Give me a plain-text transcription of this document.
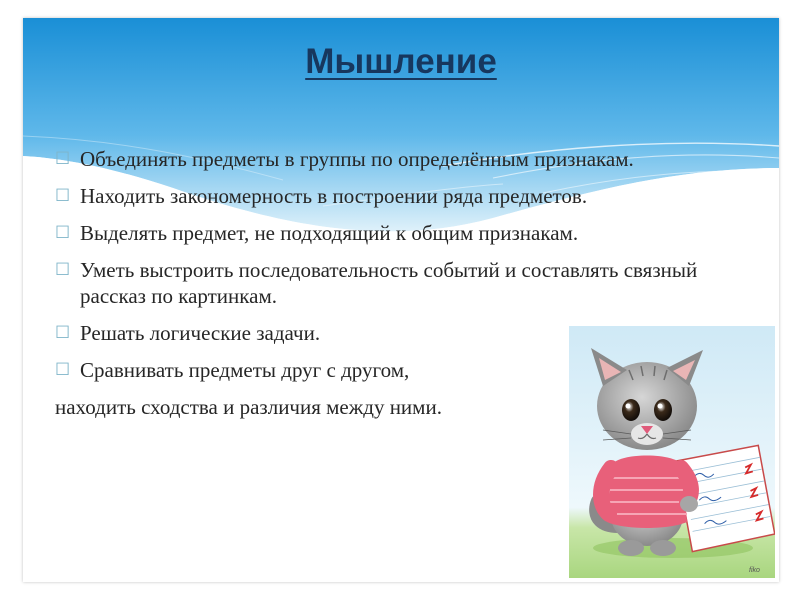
Мышление
☐ Объединять предметы в группы по определённым признакам.
☐ Находить закономерность в построении ряда предметов.
☐ Выделять предмет, не подходящий к общим признакам.
☐ Уметь выстроить последовательность событий и составлять связный рассказ по картинкам.
☐ Решать логические задачи.
☐ Сравнивать предметы друг с другом,
находить сходства и различия между ними.
fiko
